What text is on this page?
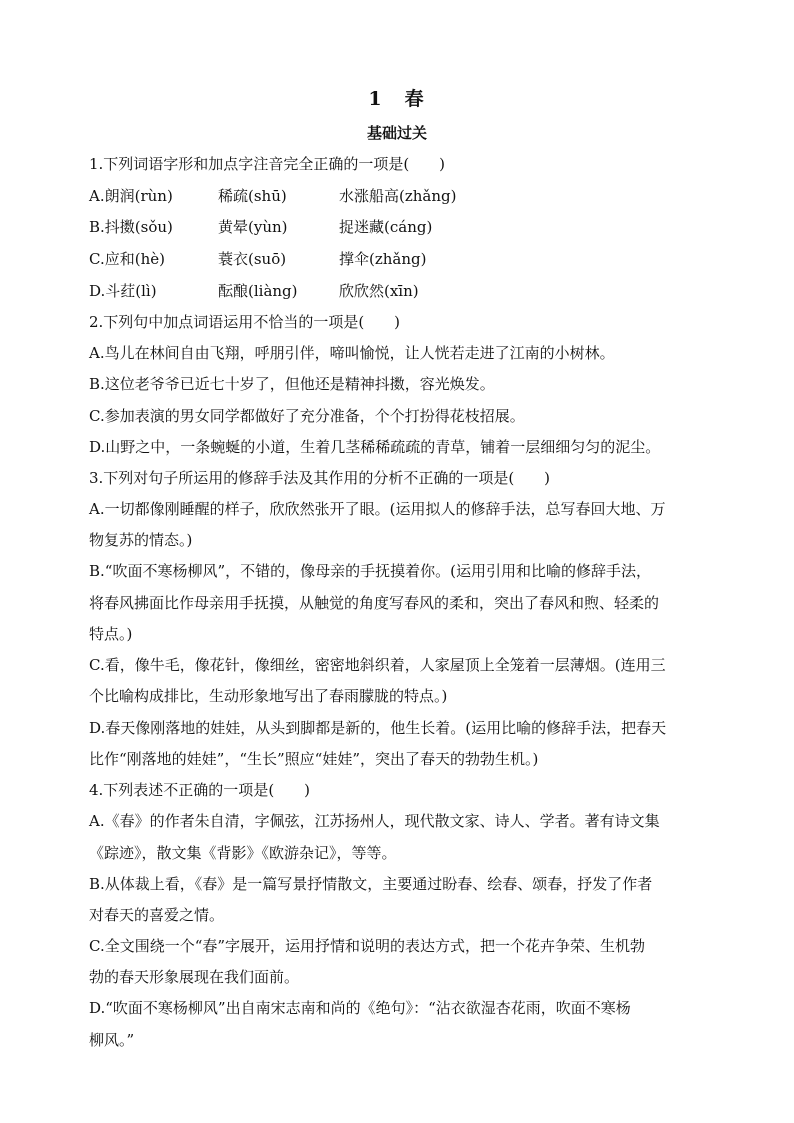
1　春
基础过关
1.下列词语字形和加点字注音完全正确的一项是(　　)
A.朗润(rùn)	稀疏(shū)	水涨船高(zhǎng)
B.抖擞(sǒu)	黄晕(yùn)	捉迷藏(cáng)
C.应和(hè)	蓑衣(suō)	撑伞(zhǎng)
D.斗荭(lì)	酝酿(liàng)	欣欣然(xīn)
2.下列句中加点词语运用不恰当的一项是(　　)
A.鸟儿在林间自由飞翔，呼朋引伴，啼叫愉悦，让人恍若走进了江南的小树林。
B.这位老爷爷已近七十岁了，但他还是精神抖擞，容光焕发。
C.参加表演的男女同学都做好了充分准备，个个打扮得花枝招展。
D.山野之中，一条蜿蜒的小道，生着几茎稀稀疏疏的青草，铺着一层细细匀匀的泥尘。
3.下列对句子所运用的修辞手法及其作用的分析不正确的一项是(　　)
A.一切都像刚睡醒的样子，欣欣然张开了眼。(运用拟人的修辞手法，总写春回大地、万
物复苏的情态。)
B.“吹面不寒杨柳风”，不错的，像母亲的手抚摸着你。(运用引用和比喻的修辞手法，
将春风拂面比作母亲用手抚摸，从触觉的角度写春风的柔和，突出了春风和煦、轻柔的
特点。)
C.看，像牛毛，像花针，像细丝，密密地斜织着，人家屋顶上全笼着一层薄烟。(连用三
个比喻构成排比，生动形象地写出了春雨朦胧的特点。)
D.春天像刚落地的娃娃，从头到脚都是新的，他生长着。(运用比喻的修辞手法，把春天
比作“刚落地的娃娃”，“生长”照应“娃娃”，突出了春天的勃勃生机。)
4.下列表述不正确的一项是(　　)
A.《春》的作者朱自清，字佩弦，江苏扬州人，现代散文家、诗人、学者。著有诗文集
《踪迹》，散文集《背影》《欧游杂记》，等等。
B.从体裁上看，《春》是一篇写景抒情散文，主要通过盼春、绘春、颂春，抒发了作者
对春天的喜爱之情。
C.全文围绕一个“春”字展开，运用抒情和说明的表达方式，把一个花卉争荣、生机勃
勃的春天形象展现在我们面前。
D.“吹面不寒杨柳风”出自南宋志南和尚的《绝句》：“沾衣欲湿杏花雨，吹面不寒杨
柳风。”
